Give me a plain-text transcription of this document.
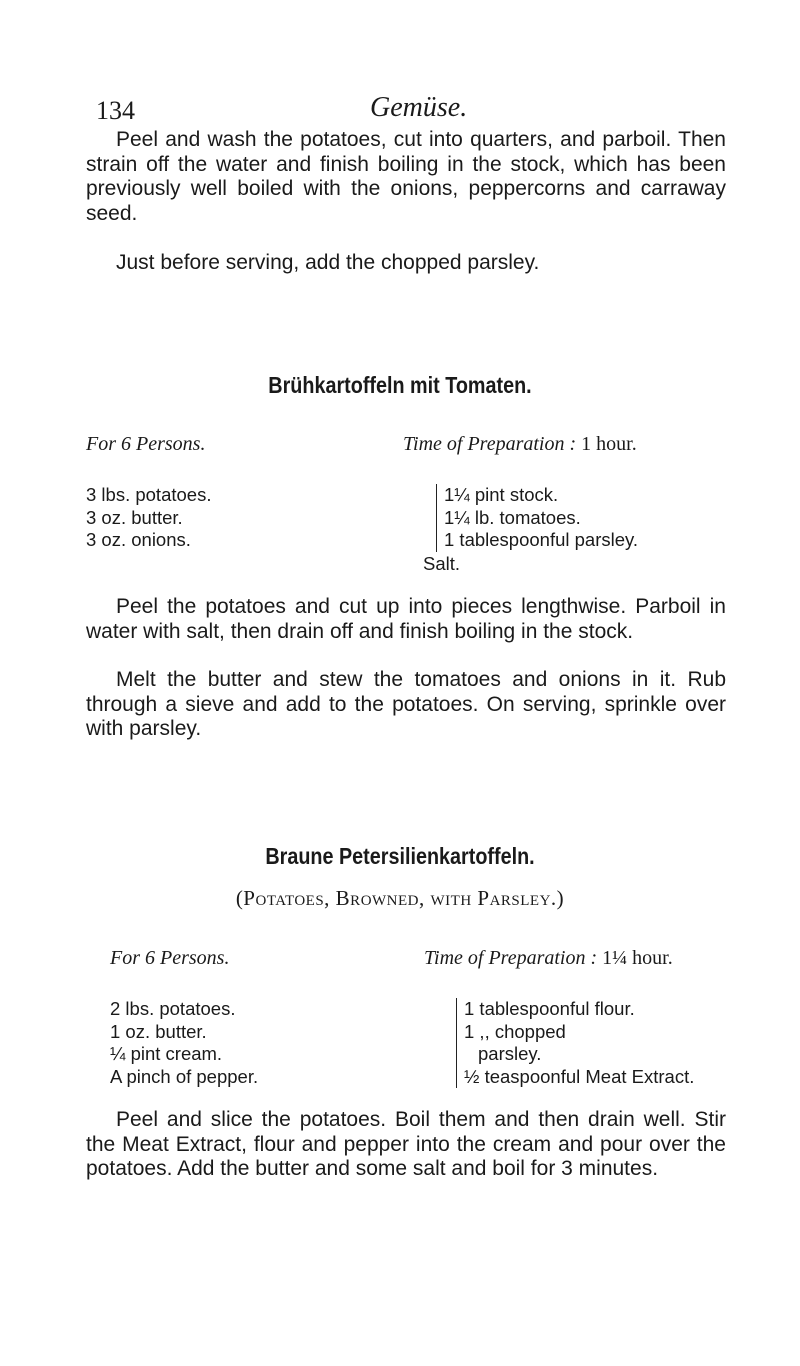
134	Gemüse.

Peel and wash the potatoes, cut into quarters, and parboil. Then strain off the water and finish boiling in the stock, which has been previously well boiled with the onions, peppercorns and carraway seed.

Just before serving, add the chopped parsley.

Brühkartoffeln mit Tomaten.
For 6 Persons.	Time of Preparation : 1 hour.
3 lbs. potatoes.
3 oz. butter.
3 oz. onions.
1¼ pint stock.
1¼ lb. tomatoes.
1 tablespoonful parsley.
Salt.

Peel the potatoes and cut up into pieces lengthwise. Parboil in water with salt, then drain off and finish boiling in the stock.

Melt the butter and stew the tomatoes and onions in it. Rub through a sieve and add to the potatoes. On serving, sprinkle over with parsley.

Braune Petersilienkartoffeln.
(Potatoes, Browned, with Parsley.)
For 6 Persons.	Time of Preparation : 1¼ hour.
2 lbs. potatoes.
1 oz. butter.
¼ pint cream.
A pinch of pepper.
1 tablespoonful flour.
1 ,, chopped
parsley.
½ teaspoonful Meat Extract.

Peel and slice the potatoes. Boil them and then drain well. Stir the Meat Extract, flour and pepper into the cream and pour over the potatoes. Add the butter and some salt and boil for 3 minutes.
